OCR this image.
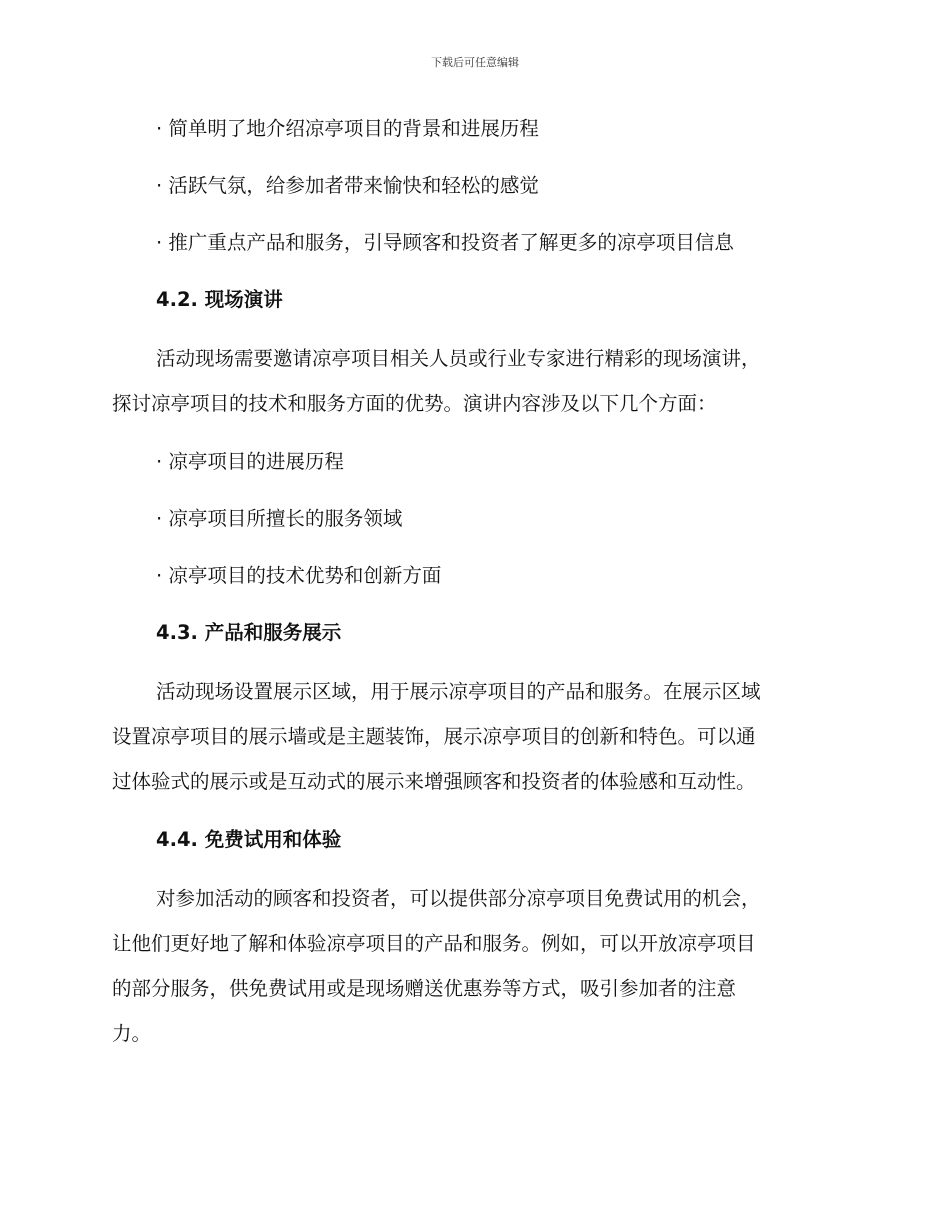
下载后可任意编辑

· 简单明了地介绍凉亭项目的背景和进展历程

· 活跃气氛，给参加者带来愉快和轻松的感觉

· 推广重点产品和服务，引导顾客和投资者了解更多的凉亭项目信息

4.2. 现场演讲

活动现场需要邀请凉亭项目相关人员或行业专家进行精彩的现场演讲，
探讨凉亭项目的技术和服务方面的优势。演讲内容涉及以下几个方面：

· 凉亭项目的进展历程

· 凉亭项目所擅长的服务领域

· 凉亭项目的技术优势和创新方面

4.3. 产品和服务展示

活动现场设置展示区域，用于展示凉亭项目的产品和服务。在展示区域
设置凉亭项目的展示墙或是主题装饰，展示凉亭项目的创新和特色。可以通
过体验式的展示或是互动式的展示来增强顾客和投资者的体验感和互动性。

4.4. 免费试用和体验

对参加活动的顾客和投资者，可以提供部分凉亭项目免费试用的机会，
让他们更好地了解和体验凉亭项目的产品和服务。例如，可以开放凉亭项目
的部分服务，供免费试用或是现场赠送优惠券等方式，吸引参加者的注意
力。
